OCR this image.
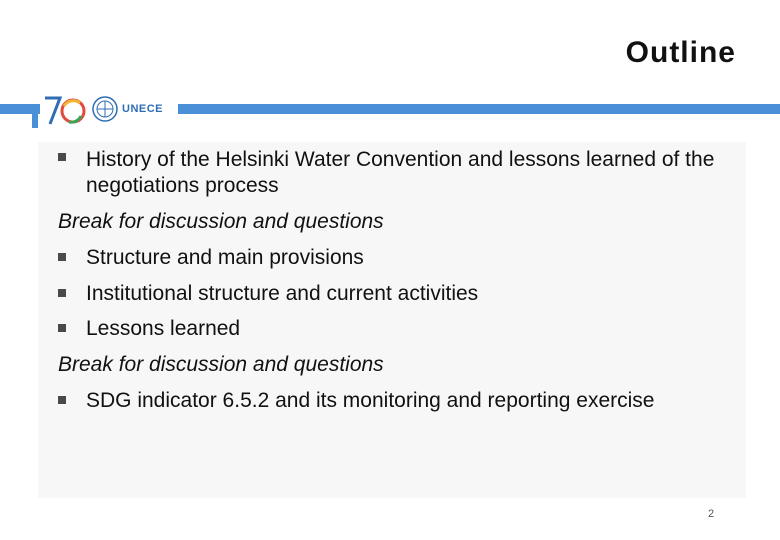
Outline
UNECE
History of the Helsinki Water Convention and lessons learned of the negotiations process
Break for discussion and questions
Structure and main provisions
Institutional structure and current activities
Lessons learned
Break for discussion and questions
SDG indicator 6.5.2 and its monitoring and reporting exercise
2
